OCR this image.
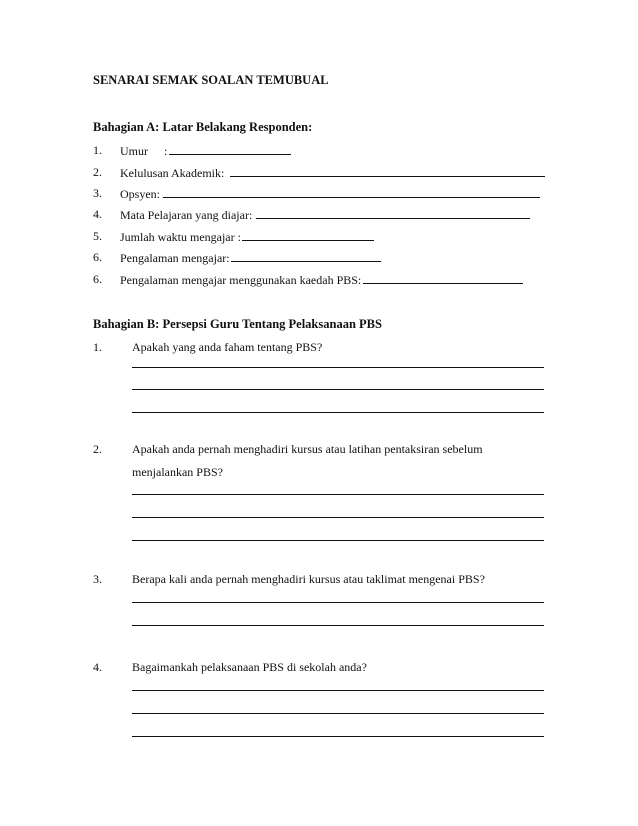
SENARAI SEMAK SOALAN TEMUBUAL
Bahagian A: Latar Belakang Responden:
1. Umur :
2. Kelulusan Akademik:
3. Opsyen:
4. Mata Pelajaran yang diajar:
5. Jumlah waktu mengajar :
6. Pengalaman mengajar:
6. Pengalaman mengajar menggunakan kaedah PBS:
Bahagian B: Persepsi Guru Tentang Pelaksanaan PBS
1.	Apakah yang anda faham tentang PBS?
2.	Apakah anda pernah menghadiri kursus atau latihan pentaksiran sebelum
menjalankan PBS?
3.	Berapa kali anda pernah menghadiri kursus atau taklimat mengenai PBS?
4.	Bagaimankah pelaksanaan PBS di sekolah anda?
